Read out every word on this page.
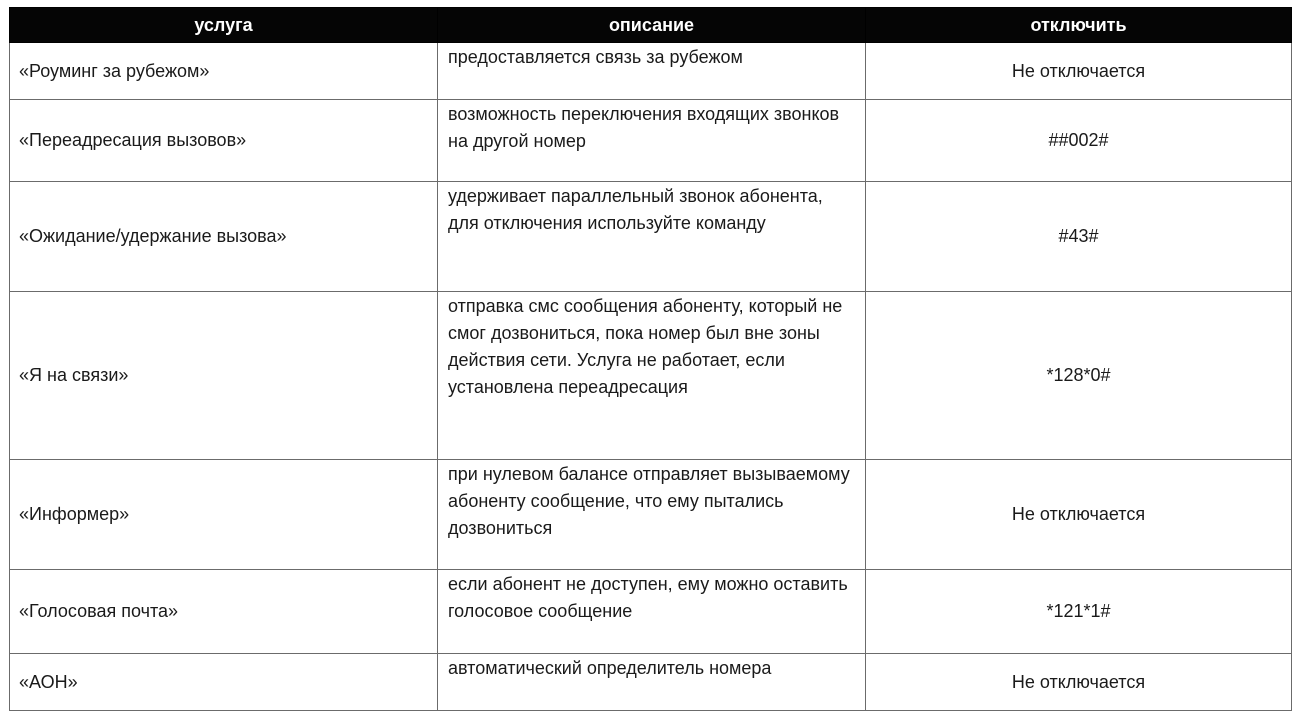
услуга	описание	отключить
«Роуминг за рубежом»	предоставляется связь за рубежом	Не отключается
«Переадресация вызовов»	возможность переключения входящих звонков на другой номер	##002#
«Ожидание/удержание вызова»	удерживает параллельный звонок абонента, для отключения используйте команду	#43#
«Я на связи»	отправка смс сообщения абоненту, который не смог дозвониться, пока номер был вне зоны действия сети. Услуга не работает, если установлена переадресация	*128*0#
«Информер»	при нулевом балансе отправляет вызываемому абоненту сообщение, что ему пытались дозвониться	Не отключается
«Голосовая почта»	если абонент не доступен, ему можно оставить голосовое сообщение	*121*1#
«АОН»	автоматический определитель номера	Не отключается
